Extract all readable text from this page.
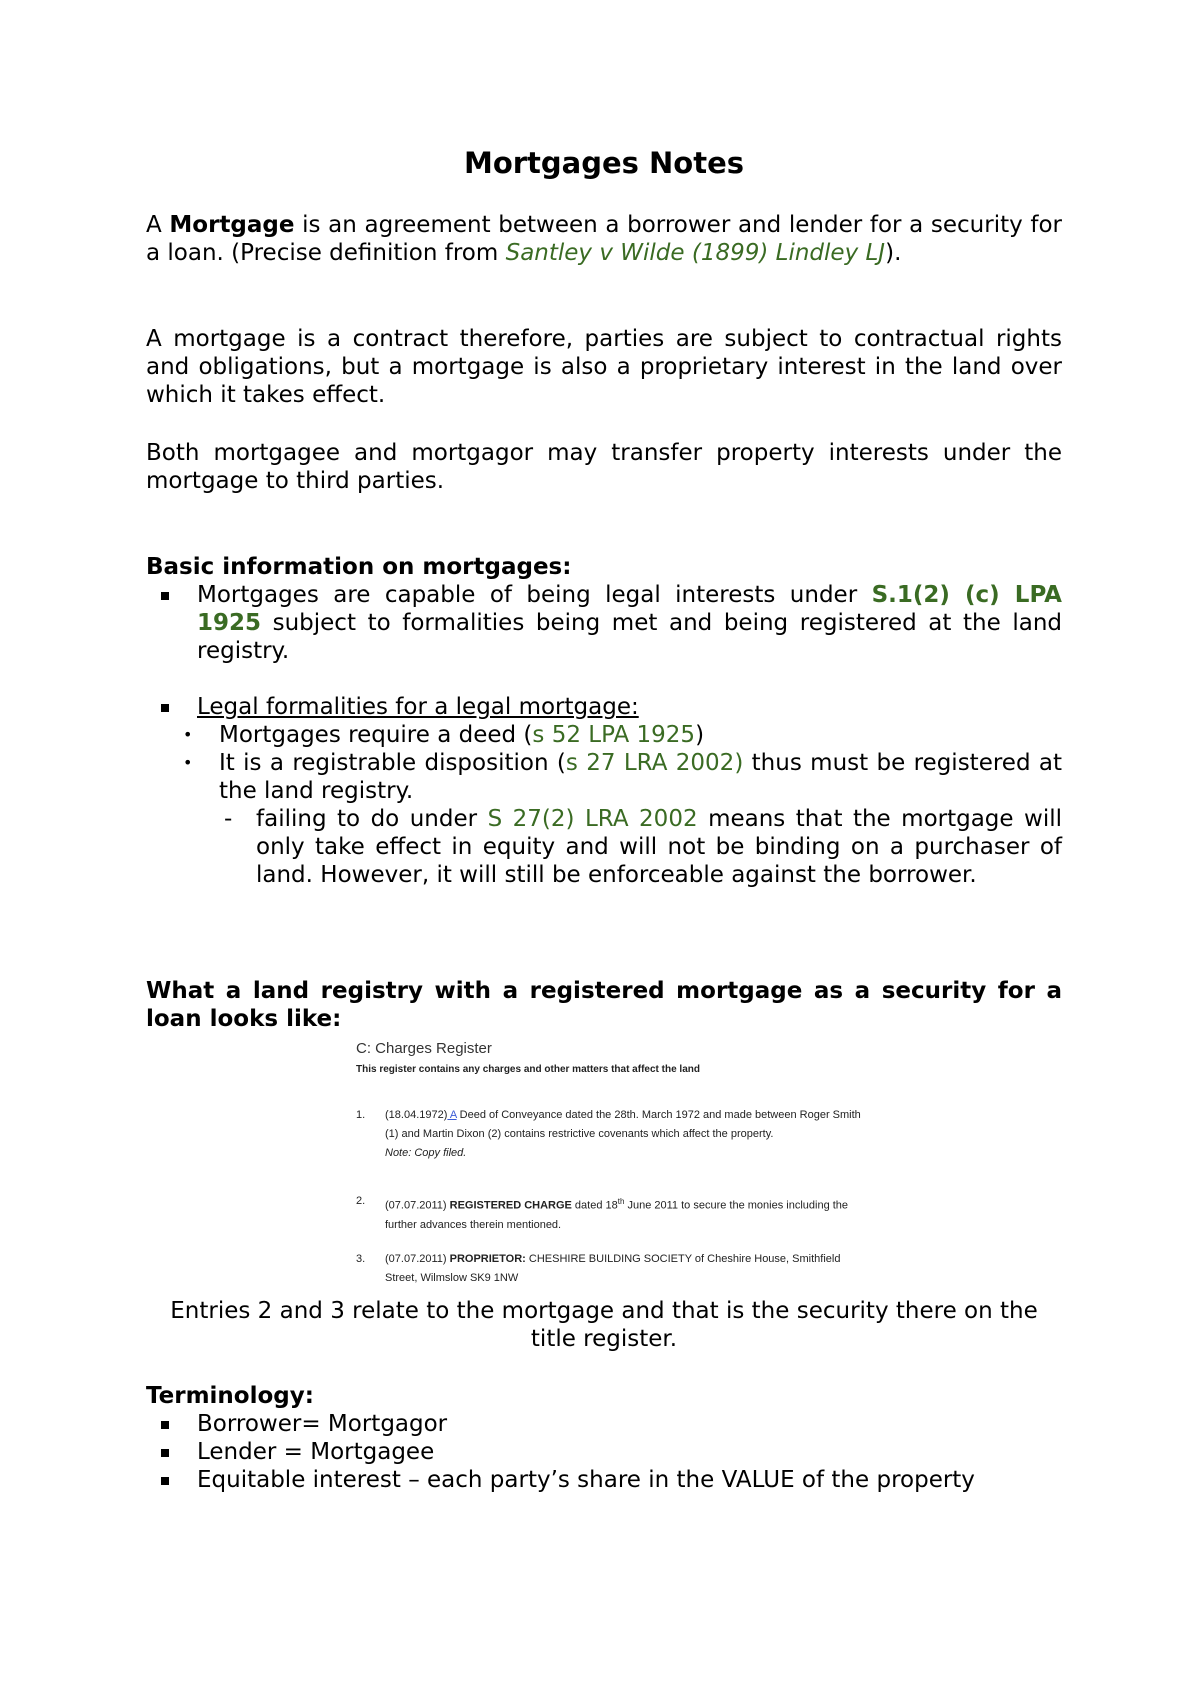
Mortgages Notes

A Mortgage is an agreement between a borrower and lender for a security for a loan. (Precise definition from Santley v Wilde (1899) Lindley LJ).

A mortgage is a contract therefore, parties are subject to contractual rights and obligations, but a mortgage is also a proprietary interest in the land over which it takes effect.

Both mortgagee and mortgagor may transfer property interests under the mortgage to third parties.

Basic information on mortgages:

Mortgages are capable of being legal interests under S.1(2) (c) LPA 1925 subject to formalities being met and being registered at the land registry.
Legal formalities for a legal mortgage:
• Mortgages require a deed (s 52 LPA 1925)
• It is a registrable disposition (s 27 LRA 2002) thus must be registered at the land registry.
- failing to do under S 27(2) LRA 2002 means that the mortgage will only take effect in equity and will not be binding on a purchaser of land. However, it will still be enforceable against the borrower.

What a land registry with a registered mortgage as a security for a loan looks like:

C: Charges Register
This register contains any charges and other matters that affect the land
1. (18.04.1972) A Deed of Conveyance dated the 28th. March 1972 and made between Roger Smith (1) and Martin Dixon (2) contains restrictive covenants which affect the property.
Note: Copy filed.
2. (07.07.2011) REGISTERED CHARGE dated 18th June 2011 to secure the monies including the further advances therein mentioned.
3. (07.07.2011) PROPRIETOR: CHESHIRE BUILDING SOCIETY of Cheshire House, Smithfield Street, Wilmslow SK9 1NW
Entries 2 and 3 relate to the mortgage and that is the security there on the title register.

Terminology:

Borrower= Mortgagor
Lender = Mortgagee
Equitable interest – each party’s share in the VALUE of the property
